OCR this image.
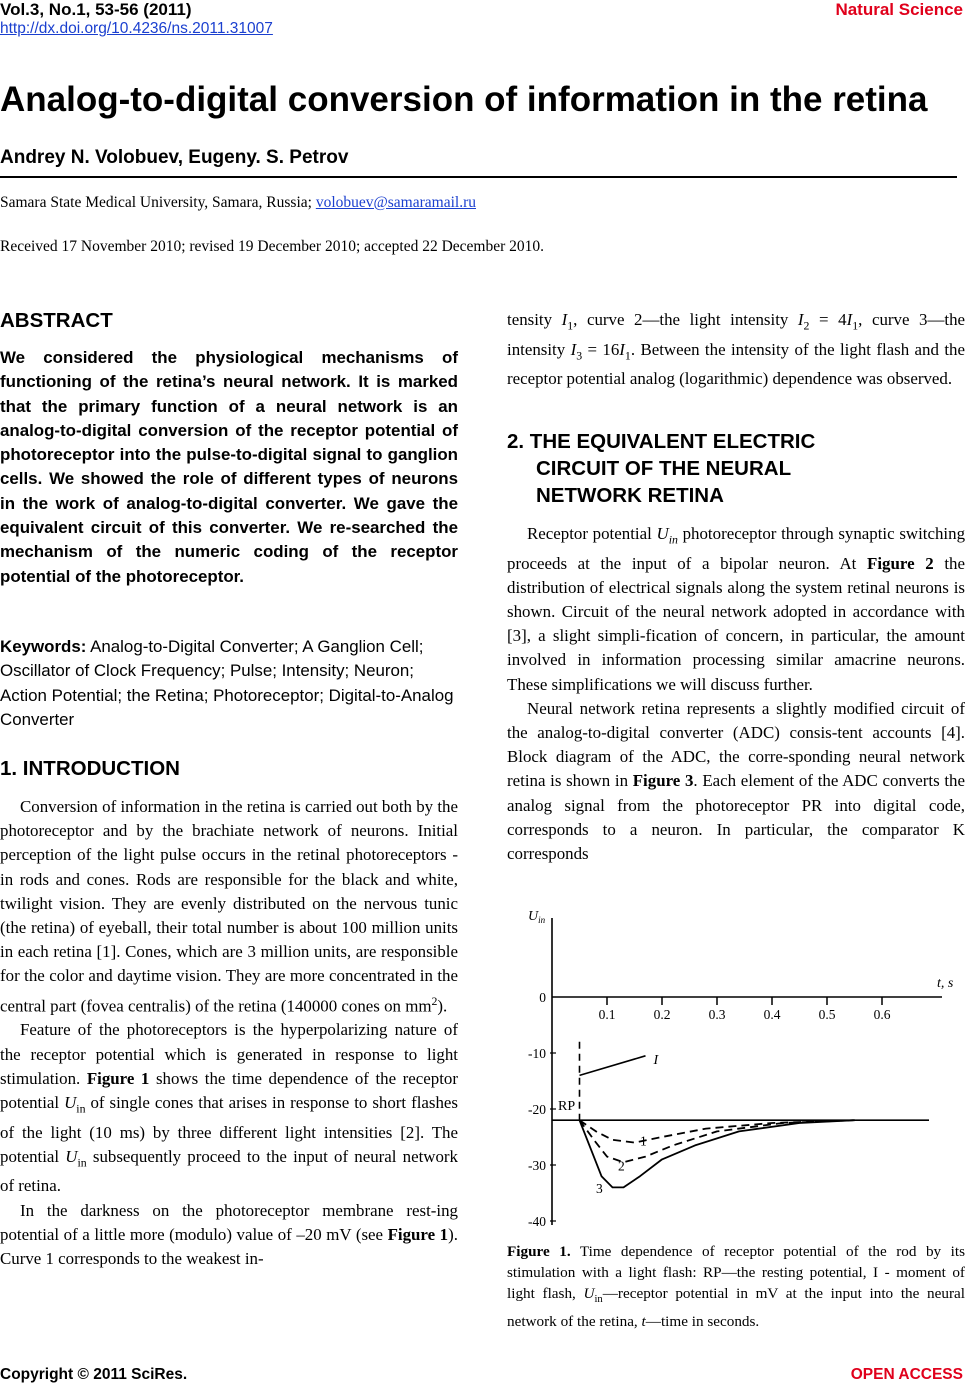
Vol.3, No.1, 53-56 (2011)
http://dx.doi.org/10.4236/ns.2011.31007
Natural Science
Analog-to-digital conversion of information in the retina
Andrey N. Volobuev, Eugeny. S. Petrov
Samara State Medical University, Samara, Russia; volobuev@samaramail.ru
Received 17 November 2010; revised 19 December 2010; accepted 22 December 2010.
ABSTRACT
We considered the physiological mechanisms of functioning of the retina’s neural network. It is marked that the primary function of a neural network is an analog-to-digital conversion of the receptor potential of photoreceptor into the pulse-to-digital signal to ganglion cells. We showed the role of different types of neurons in the work of analog-to-digital converter. We gave the equivalent circuit of this converter. We re-searched the mechanism of the numeric coding of the receptor potential of the photoreceptor.
Keywords: Analog-to-Digital Converter; A Ganglion Cell; Oscillator of Clock Frequency; Pulse; Intensity; Neuron; Action Potential; the Retina; Photoreceptor; Digital-to-Analog Converter
1. INTRODUCTION

Conversion of information in the retina is carried out both by the photoreceptor and by the brachiate network of neurons. Initial perception of the light pulse occurs in the retinal photoreceptors - in rods and cones. Rods are responsible for the black and white, twilight vision. They are evenly distributed on the nervous tunic (the retina) of eyeball, their total number is about 100 million units in each retina [1]. Cones, which are 3 million units, are responsible for the color and daytime vision. They are more concentrated in the central part (fovea centralis) of the retina (140000 cones on $mm^2$).

Feature of the photoreceptors is the hyperpolarizing nature of the receptor potential which is generated in response to light stimulation. Figure 1 shows the time dependence of the receptor potential $U_{in}$ of single cones that arises in response to short flashes of the light (10 ms) by three different light intensities [2]. The potential $U_{in}$ subsequently proceed to the input of neural network of retina.

In the darkness on the photoreceptor membrane rest-ing potential of a little more (modulo) value of –20 mV (see Figure 1). Curve 1 corresponds to the weakest in-

tensity $I_1$, curve 2—the light intensity $I_2 = 4I_1$, curve 3—the intensity $I_3 = 16I_1$. Between the intensity of the light flash and the receptor potential analog (logarithmic) dependence was observed.

2. THE EQUIVALENT ELECTRIC
CIRCUIT OF THE NEURAL
NETWORK RETINA

Receptor potential $U_{in}$ photoreceptor through synaptic switching proceeds at the input of a bipolar neuron. At Figure 2 the distribution of electrical signals along the system retinal neurons is shown. Circuit of the neural network adopted in accordance with [3], a slight simpli-fication of concern, in particular, the amount involved in information processing similar amacrine neurons. These simplifications we will discuss further.

Neural network retina represents a slightly modified circuit of the analog-to-digital converter (ADC) consis-tent accounts [4]. Block diagram of the ADC, the corre-sponding neural network retina is shown in Figure 3. Each element of the ADC converts the analog signal from the photoreceptor PR into digital code, corresponds to a neuron. In particular, the comparator K corresponds

$U_{in}$
t, s
0.1	0.2	0.3	0.4	0.5	0.6
0
-10
-20
-30
-40
RP
I
1
2
3
Figure 1. Time dependence of receptor potential of the rod by its stimulation with a light flash: RP—the resting potential, I - moment of light flash, $U_{in}—receptor$ potential in mV at the input into the neural network of the retina, t—time in seconds.
Copyright © 2011 SciRes.	OPEN ACCESS
